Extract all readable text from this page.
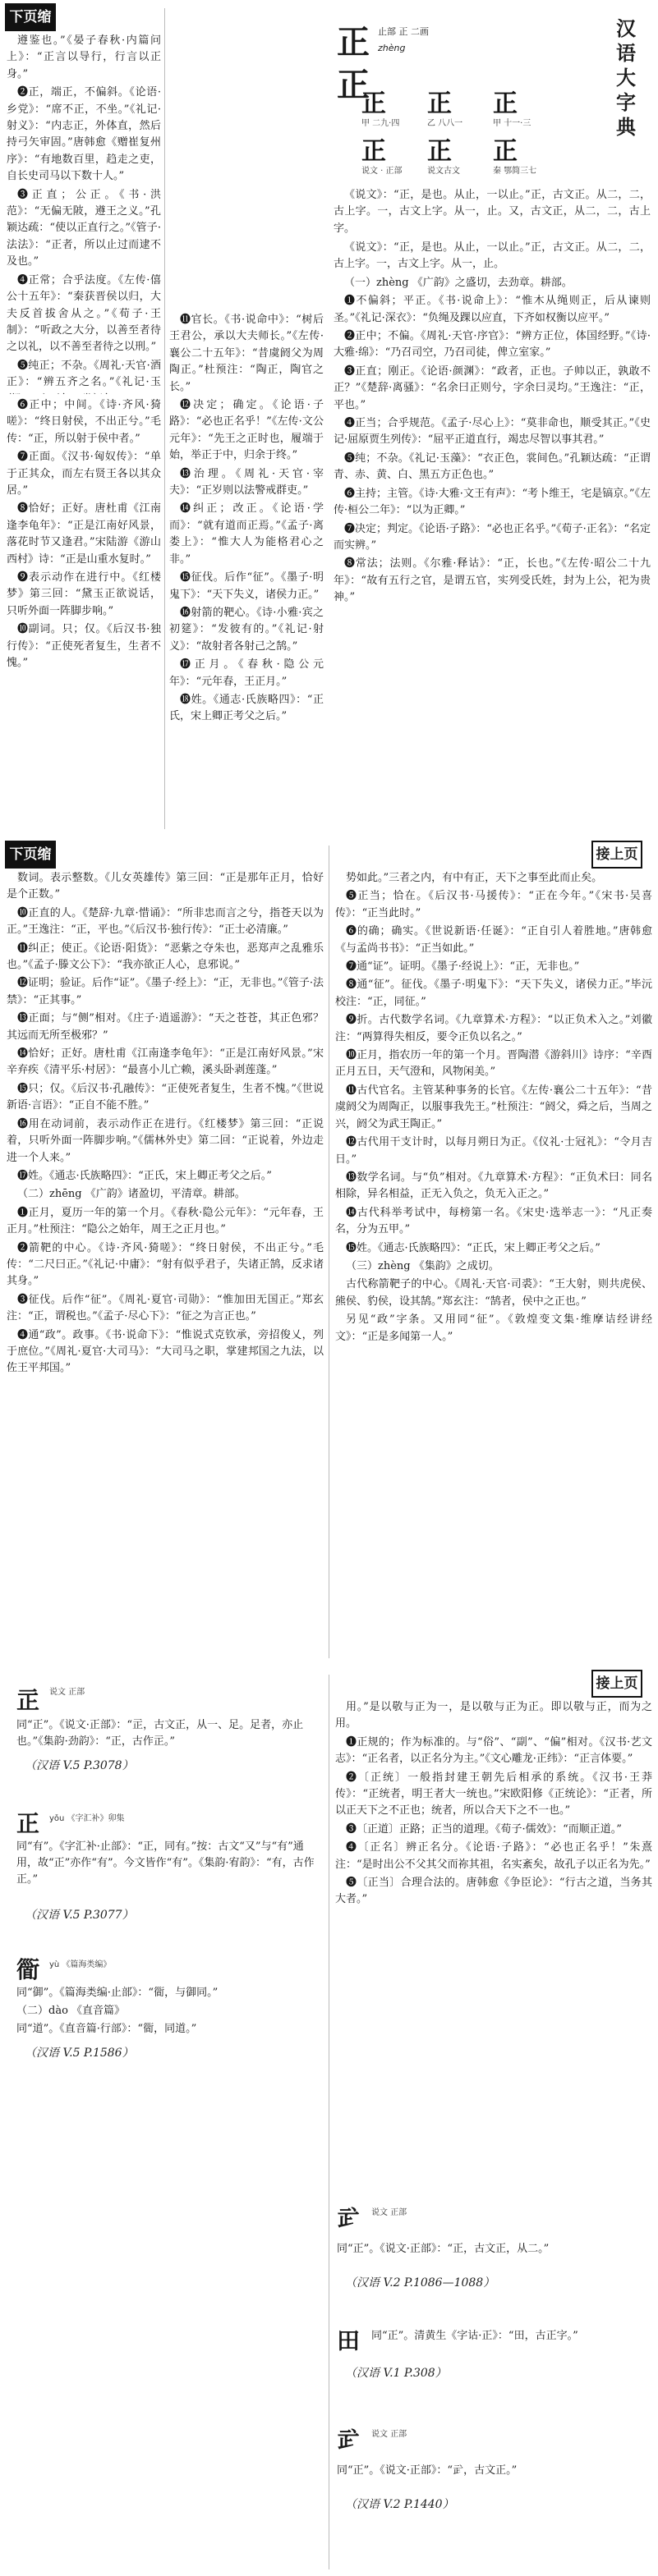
下页缩

遵鉴也。”《晏子春秋·内篇问上》：“正言以导行，行言以正身。”

❷正，端正，不偏斜。《论语·乡党》：“席不正，不坐。”《礼记·射义》：“内志正，外体直，然后持弓矢审固。”唐韩愈《赠崔复州序》：“有地数百里，趋走之吏，自长史司马以下数十人。”

❸正直；公正。《书·洪范》：“无偏无陂，遵王之义。”孔颖达疏：“使以正直行之。”《管子·法法》：“正者，所以止过而逮不及也。”

❹正常；合乎法度。《左传·僖公十五年》：“秦获晋侯以归，大夫反首拔舍从之。”《荀子·王制》：“听政之大分，以善至者待之以礼，以不善至者待之以刑。”

❺纯正；不杂。《周礼·天官·酒正》：“辨五齐之名。”《礼记·玉

❻正中；中间。《诗·齐风·猗嗟》：“终日射侯，不出正兮。”毛传：“正，所以射于侯中者。”

❼正面。《汉书·匈奴传》：“单于正其众，而左右贤王各以其众居。”

❽恰好；正好。唐杜甫《江南逢李龟年》：“正是江南好风景，落花时节又逢君。”宋陆游《游山西村》诗：“正是山重水复时。”

❾表示动作在进行中。《红楼梦》第三回：“黛玉正欲说话，只听外面一阵脚步响。”

❿副词。只；仅。《后汉书·独行传》：“正使死者复生，生者不愧。”

⓫官长。《书·说命中》：“树后王君公，承以大夫师长。”《左传·襄公二十五年》：“昔虞阏父为周陶正。”杜预注：“陶正，陶官之长。”

⓬决定；确定。《论语·子路》：“必也正名乎！”《左传·文公元年》：“先王之正时也，履端于始，举正于中，归余于终。”

⓭治理。《周礼·天官·宰夫》：“正岁则以法警戒群吏。”

⓮纠正；改正。《论语·学而》：“就有道而正焉。”《孟子·离娄上》：“惟大人为能格君心之非。”

⓯征伐。后作“征”。《墨子·明鬼下》：“天下失义，诸侯力正。”

⓰射箭的靶心。《诗·小雅·宾之初筵》：“发彼有的。”《礼记·射义》：“故射者各射己之鹄。”

⓱正月。《春秋·隐公元年》：“元年春，王正月。”

⓲姓。《通志·氏族略四》：“正氏，宋上卿正考父之后。”

正
正
止部 正 二画
zhèng
汉语大字典
正
甲 二九·四
正
乙 八八一
正
甲 十一·三
正
说文 · 正部
正
说文古文
正
秦 鄂简三七

《说文》：“正，是也。从止，一以止。”正，古文正。从二，二，古上字。一，古文上字。从一，止。又，古文正，从二，二，古上字。

《说文》：“正，是也。从止，一以止。”正，古文正。从二，二，古上字。一，古文上字。从一，止。

（一）zhèng 《广韵》之盛切，去劲章。耕部。

❶不偏斜；平正。《书·说命上》：“惟木从绳则正，后从谏则圣。”《礼记·深衣》：“负绳及踝以应直，下齐如权衡以应平。”

❷正中；不偏。《周礼·天官·序官》：“辨方正位，体国经野。”《诗·大雅·绵》：“乃召司空，乃召司徒，俾立室家。”

❸正直；刚正。《论语·颜渊》：“政者，正也。子帅以正，孰敢不正？”《楚辞·离骚》：“名余曰正则兮，字余曰灵均。”王逸注：“正，平也。”

❹正当；合乎规范。《孟子·尽心上》：“莫非命也，顺受其正。”《史记·屈原贾生列传》：“屈平正道直行，竭忠尽智以事其君。”

❺纯；不杂。《礼记·玉藻》：“衣正色，裳间色。”孔颖达疏：“正谓青、赤、黄、白、黑五方正色也。”

❻主持；主管。《诗·大雅·文王有声》：“考卜维王，宅是镐京。”《左传·桓公二年》：“以为正卿。”

❼决定；判定。《论语·子路》：“必也正名乎。”《荀子·正名》：“名定而实辨。”

❽常法；法则。《尔雅·释诂》：“正，长也。”《左传·昭公二十九年》：“故有五行之官，是谓五官，实列受氏姓，封为上公，祀为贵神。”

下页缩	接上页

数词。表示整数。《儿女英雄传》第三回：“正是那年正月，恰好是个正数。”

❿正直的人。《楚辞·九章·惜诵》：“所非忠而言之兮，指苍天以为正。”王逸注：“正，平也。”《后汉书·独行传》：“正士必清廉。”

⓫纠正；使正。《论语·阳货》：“恶紫之夺朱也，恶郑声之乱雅乐也。”《孟子·滕文公下》：“我亦欲正人心，息邪说。”

⓬证明；验证。后作“证”。《墨子·经上》：“正，无非也。”《管子·法禁》：“正其事。”

⓭正面；与“侧”相对。《庄子·逍遥游》：“天之苍苍，其正色邪？其远而无所至极邪？”

⓮恰好；正好。唐杜甫《江南逢李龟年》：“正是江南好风景。”宋辛弃疾《清平乐·村居》：“最喜小儿亡赖，溪头卧剥莲蓬。”

⓯只；仅。《后汉书·孔融传》：“正使死者复生，生者不愧。”《世说新语·言语》：“正自不能不胜。”

⓰用在动词前，表示动作正在进行。《红楼梦》第三回：“正说着，只听外面一阵脚步响。”《儒林外史》第二回：“正说着，外边走进一个人来。”

⓱姓。《通志·氏族略四》：“正氏，宋上卿正考父之后。”

（二）zhēng 《广韵》诸盈切，平清章。耕部。

❶正月，夏历一年的第一个月。《春秋·隐公元年》：“元年春，王正月。”杜预注：“隐公之始年，周王之正月也。”

❷箭靶的中心。《诗·齐风·猗嗟》：“终日射侯，不出正兮。”毛传：“二尺曰正。”《礼记·中庸》：“射有似乎君子，失诸正鹄，反求诸其身。”

❸征伐。后作“征”。《周礼·夏官·司勋》：“惟加田无国正。”郑玄注：“正，谓税也。”《孟子·尽心下》：“征之为言正也。”

❹通“政”。政事。《书·说命下》：“惟说式克钦承，旁招俊乂，列于庶位。”《周礼·夏官·大司马》：“大司马之职，掌建邦国之九法，以佐王平邦国。”

势如此。”三者之内，有中有正，天下之事至此而止矣。

❺正当；恰在。《后汉书·马援传》：“正在今年。”《宋书·吴喜传》：“正当此时。”

❻的确；确实。《世说新语·任诞》：“正自引人着胜地。”唐韩愈《与孟尚书书》：“正当如此。”

❼通“证”。证明。《墨子·经说上》：“正，无非也。”

❽通“征”。征伐。《墨子·明鬼下》：“天下失义，诸侯力正。”毕沅校注：“正，同征。”

❾折。古代数学名词。《九章算术·方程》：“以正负术入之。”刘徽注：“两算得失相反，要令正负以名之。”

❿正月，指农历一年的第一个月。晋陶潜《游斜川》诗序：“辛酉正月五日，天气澄和，风物闲美。”

⓫古代官名。主管某种事务的长官。《左传·襄公二十五年》：“昔虞阏父为周陶正，以服事我先王。”杜预注：“阏父，舜之后，当周之兴，阏父为武王陶正。”

⓬古代用干支计时，以每月朔日为正。《仪礼·士冠礼》：“令月吉日。”

⓭数学名词。与“负”相对。《九章算术·方程》：“正负术曰：同名相除，异名相益，正无入负之，负无入正之。”

⓮古代科举考试中，每榜第一名。《宋史·选举志一》：“凡正奏名，分为五甲。”

⓯姓。《通志·氏族略四》：“正氏，宋上卿正考父之后。”

（三）zhèng 《集韵》之成切。

古代称箭靶子的中心。《周礼·天官·司裘》：“王大射，则共虎侯、熊侯、豹侯，设其鹄。”郑玄注：“鹄者，侯中之正也。”

另见“政”字条。又用同“征”。《敦煌变文集·维摩诘经讲经文》：“正是多闻第一人。”

接上页
㱏 说文 正部
同“正”。《说文·正部》：“㱏，古文正，从一、足。足者，亦止也。”《集韵·劲韵》：“正，古作㱏。”
（汉语 V.5 P.3078）
正 yǒu 《字汇补》卯集
同“有”。《字汇补·止部》：“正，同有。”按：古文“又”与“有”通用，故“正”亦作“有”。今文皆作“有”。《集韵·宥韵》：“有，古作正。”
（汉语 V.5 P.3077）
衟 yù 《篇海类编》
同“御”。《篇海类编·止部》：“衟，与御同。”
（二）dào 《直音篇》
同“道”。《直音篇·行部》：“衟，同道。”
（汉语 V.5 P.1586）

用。”是以敬与正为一，是以敬与正为正。即以敬与正，而为之用。

❶正规的；作为标准的。与“俗”、“副”、“偏”相对。《汉书·艺文志》：“正名者，以正名分为主。”《文心雕龙·正纬》：“正言体要。”

❷〔正统〕一般指封建王朝先后相承的系统。《汉书·王莽传》：“正统者，明王者大一统也。”宋欧阳修《正统论》：“正者，所以正天下之不正也；统者，所以合天下之不一也。”

❸〔正道〕正路；正当的道理。《荀子·儒效》：“而顺正道。”

❹〔正名〕辨正名分。《论语·子路》：“必也正名乎！”朱熹注：“是时出公不父其父而祢其祖，名实紊矣，故孔子以正名为先。”

❺〔正当〕合理合法的。唐韩愈《争臣论》：“行古之道，当务其大者。”

㱐 说文 正部
同“正”。《说文·正部》：“正，古文正，从二。”
（汉语 V.2 P.1086—1088）
田 同“正”。清黄生《字诂·正》：“田，古正字。”
（汉语 V.1 P.308）
㱐 说文 正部
同“正”。《说文·正部》：“㱐，古文正。”
（汉语 V.2 P.1440）
